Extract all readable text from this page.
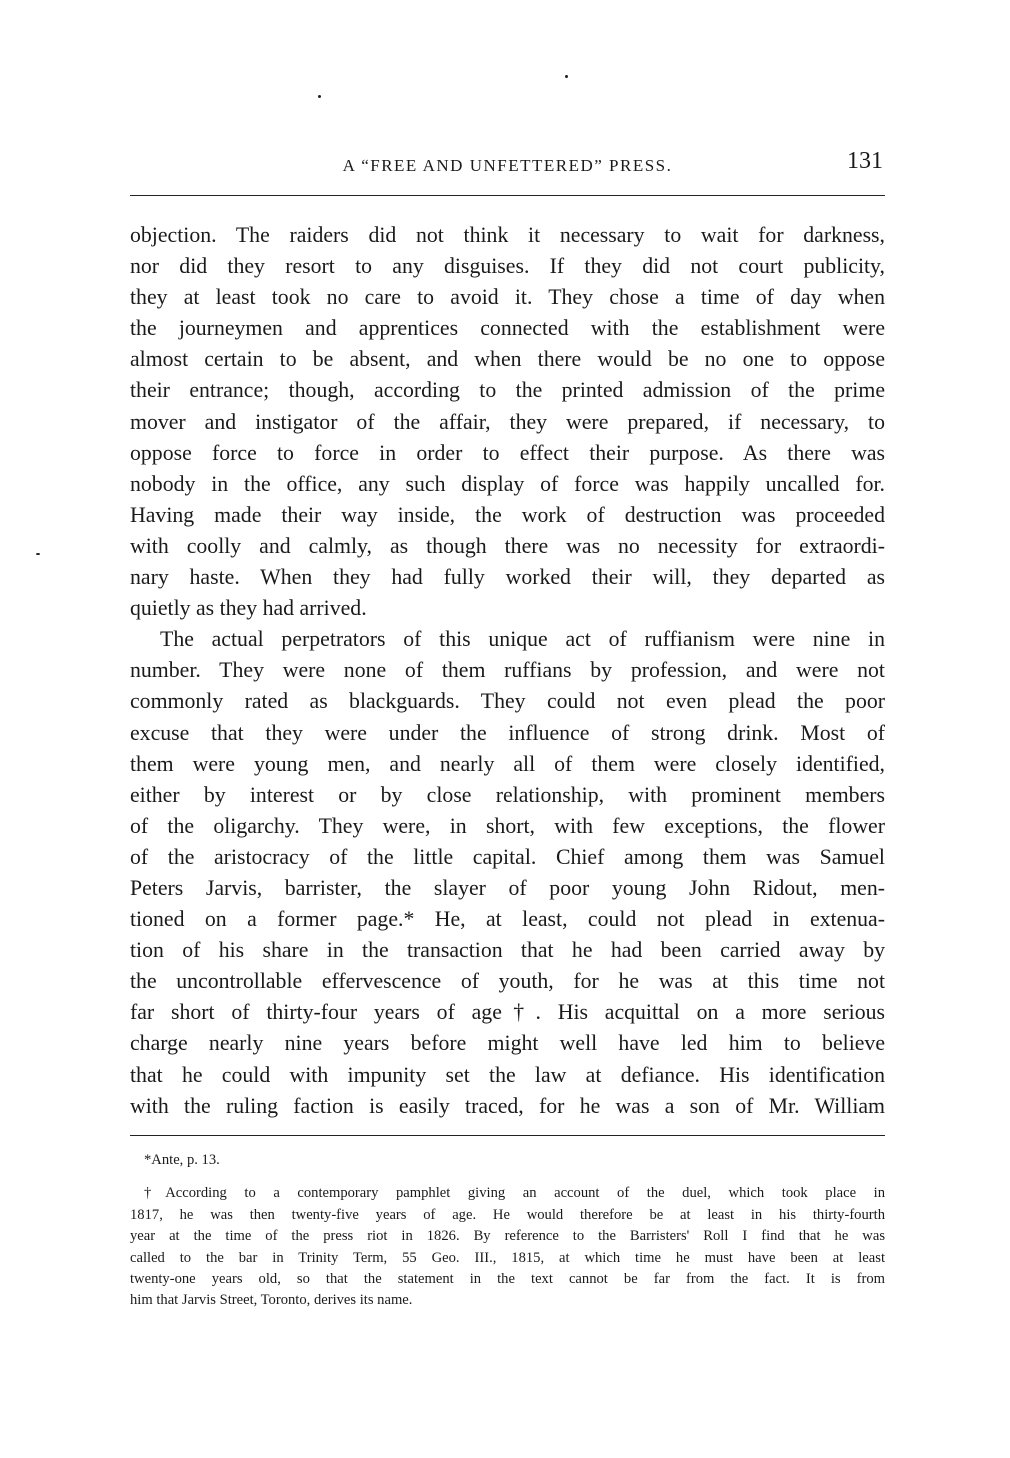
A “FREE AND UNFETTERED” PRESS.	131

objection. The raiders did not think it necessary to wait for darkness,

nor did they resort to any disguises. If they did not court publicity,

they at least took no care to avoid it. They chose a time of day when

the journeymen and apprentices connected with the establishment were

almost certain to be absent, and when there would be no one to oppose

their entrance; though, according to the printed admission of the prime

mover and instigator of the affair, they were prepared, if necessary, to

oppose force to force in order to effect their purpose. As there was

nobody in the office, any such display of force was happily uncalled for.

Having made their way inside, the work of destruction was proceeded

with coolly and calmly, as though there was no necessity for extraordi-

nary haste. When they had fully worked their will, they departed as

quietly as they had arrived.

The actual perpetrators of this unique act of ruffianism were nine in

number. They were none of them ruffians by profession, and were not

commonly rated as blackguards. They could not even plead the poor

excuse that they were under the influence of strong drink. Most of

them were young men, and nearly all of them were closely identified,

either by interest or by close relationship, with prominent members

of the oligarchy. They were, in short, with few exceptions, the flower

of the aristocracy of the little capital. Chief among them was Samuel

Peters Jarvis, barrister, the slayer of poor young John Ridout, men-

tioned on a former page.* He, at least, could not plead in extenua-

tion of his share in the transaction that he had been carried away by

the uncontrollable effervescence of youth, for he was at this time not

far short of thirty-four years of age†. His acquittal on a more serious

charge nearly nine years before might well have led him to believe

that he could with impunity set the law at defiance. His identification

with the ruling faction is easily traced, for he was a son of Mr. William

*Ante, p. 13.

†According to a contemporary pamphlet giving an account of the duel, which took place in

1817, he was then twenty-five years of age. He would therefore be at least in his thirty-fourth

year at the time of the press riot in 1826. By reference to the Barristers' Roll I find that he was

called to the bar in Trinity Term, 55 Geo. III., 1815, at which time he must have been at least

twenty-one years old, so that the statement in the text cannot be far from the fact. It is from

him that Jarvis Street, Toronto, derives its name.
